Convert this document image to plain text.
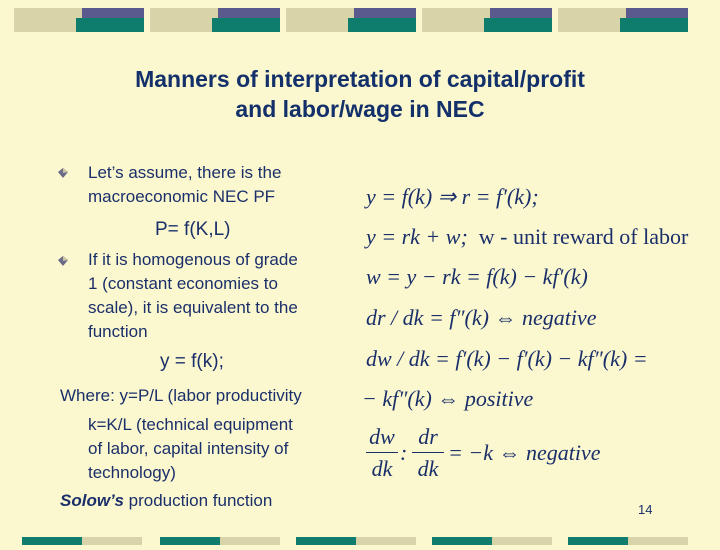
Manners of interpretation of capital/profit
and labor/wage in NEC
Let’s assume, there is the
macroeconomic NEC PF
P= f(K,L)
If it is homogenous of grade
1 (constant economies to
scale), it is equivalent to the
function
y = f(k);
Where: y=P/L (labor productivity
k=K/L (technical equipment
of labor, capital intensity of
technology)
Solow’s production function
y = f(k) ⇒ r = f′(k);
y = rk + w; w - unit reward of labor
w = y − rk = f(k) − kf′(k)
dr / dk = f″(k) ⇔ negative
dw / dk = f′(k) − f′(k) − kf″(k) =
− kf″(k) ⇔ positive
dw
dk
:
dr
dk
= −k ⇔ negative
14
